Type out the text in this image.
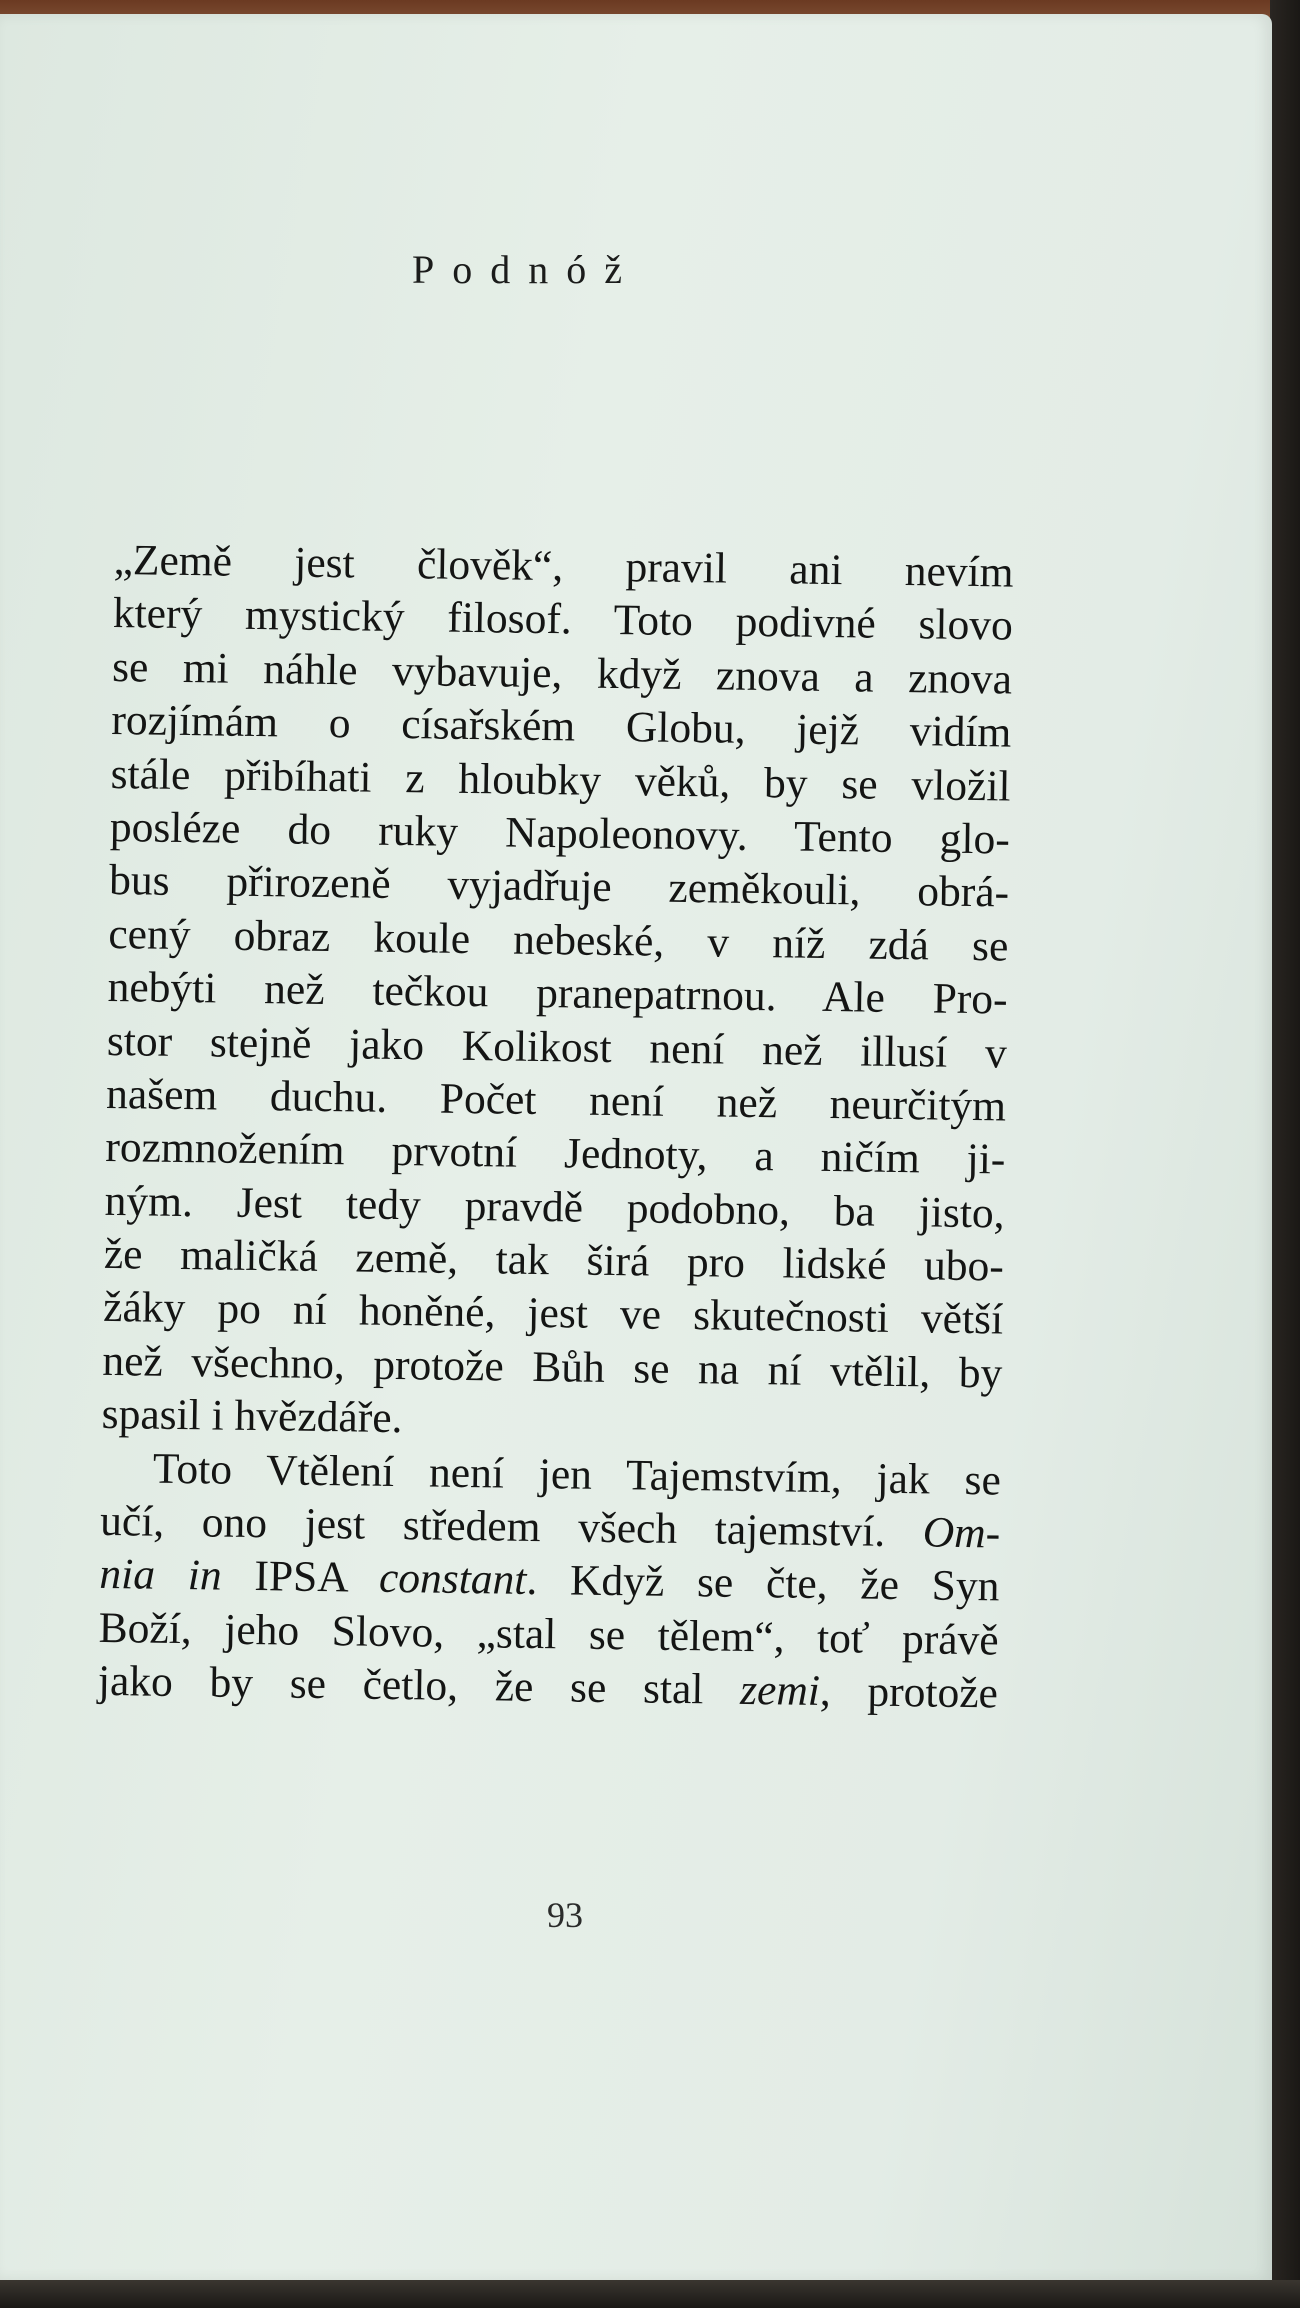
Podnóž
„Země jest člověk“, pravil ani nevím
který mystický filosof. Toto podivné slovo
se mi náhle vybavuje, když znova a znova
rozjímám o císařském Globu, jejž vidím
stále přibíhati z hloubky věků, by se vložil
posléze do ruky Napoleonovy. Tento glo-
bus přirozeně vyjadřuje zeměkouli, obrá-
cený obraz koule nebeské, v níž zdá se
nebýti než tečkou pranepatrnou. Ale Pro-
stor stejně jako Kolikost není než illusí v
našem duchu. Počet není než neurčitým
rozmnožením prvotní Jednoty, a ničím ji-
ným. Jest tedy pravdě podobno, ba jisto,
že maličká země, tak širá pro lidské ubo-
žáky po ní honěné, jest ve skutečnosti větší
než všechno, protože Bůh se na ní vtělil, by
spasil i hvězdáře.
Toto Vtělení není jen Tajemstvím, jak se
učí, ono jest středem všech tajemství. Om-
nia in IPSA constant. Když se čte, že Syn
Boží, jeho Slovo, „stal se tělem“, toť právě
jako by se četlo, že se stal zemi, protože
93
